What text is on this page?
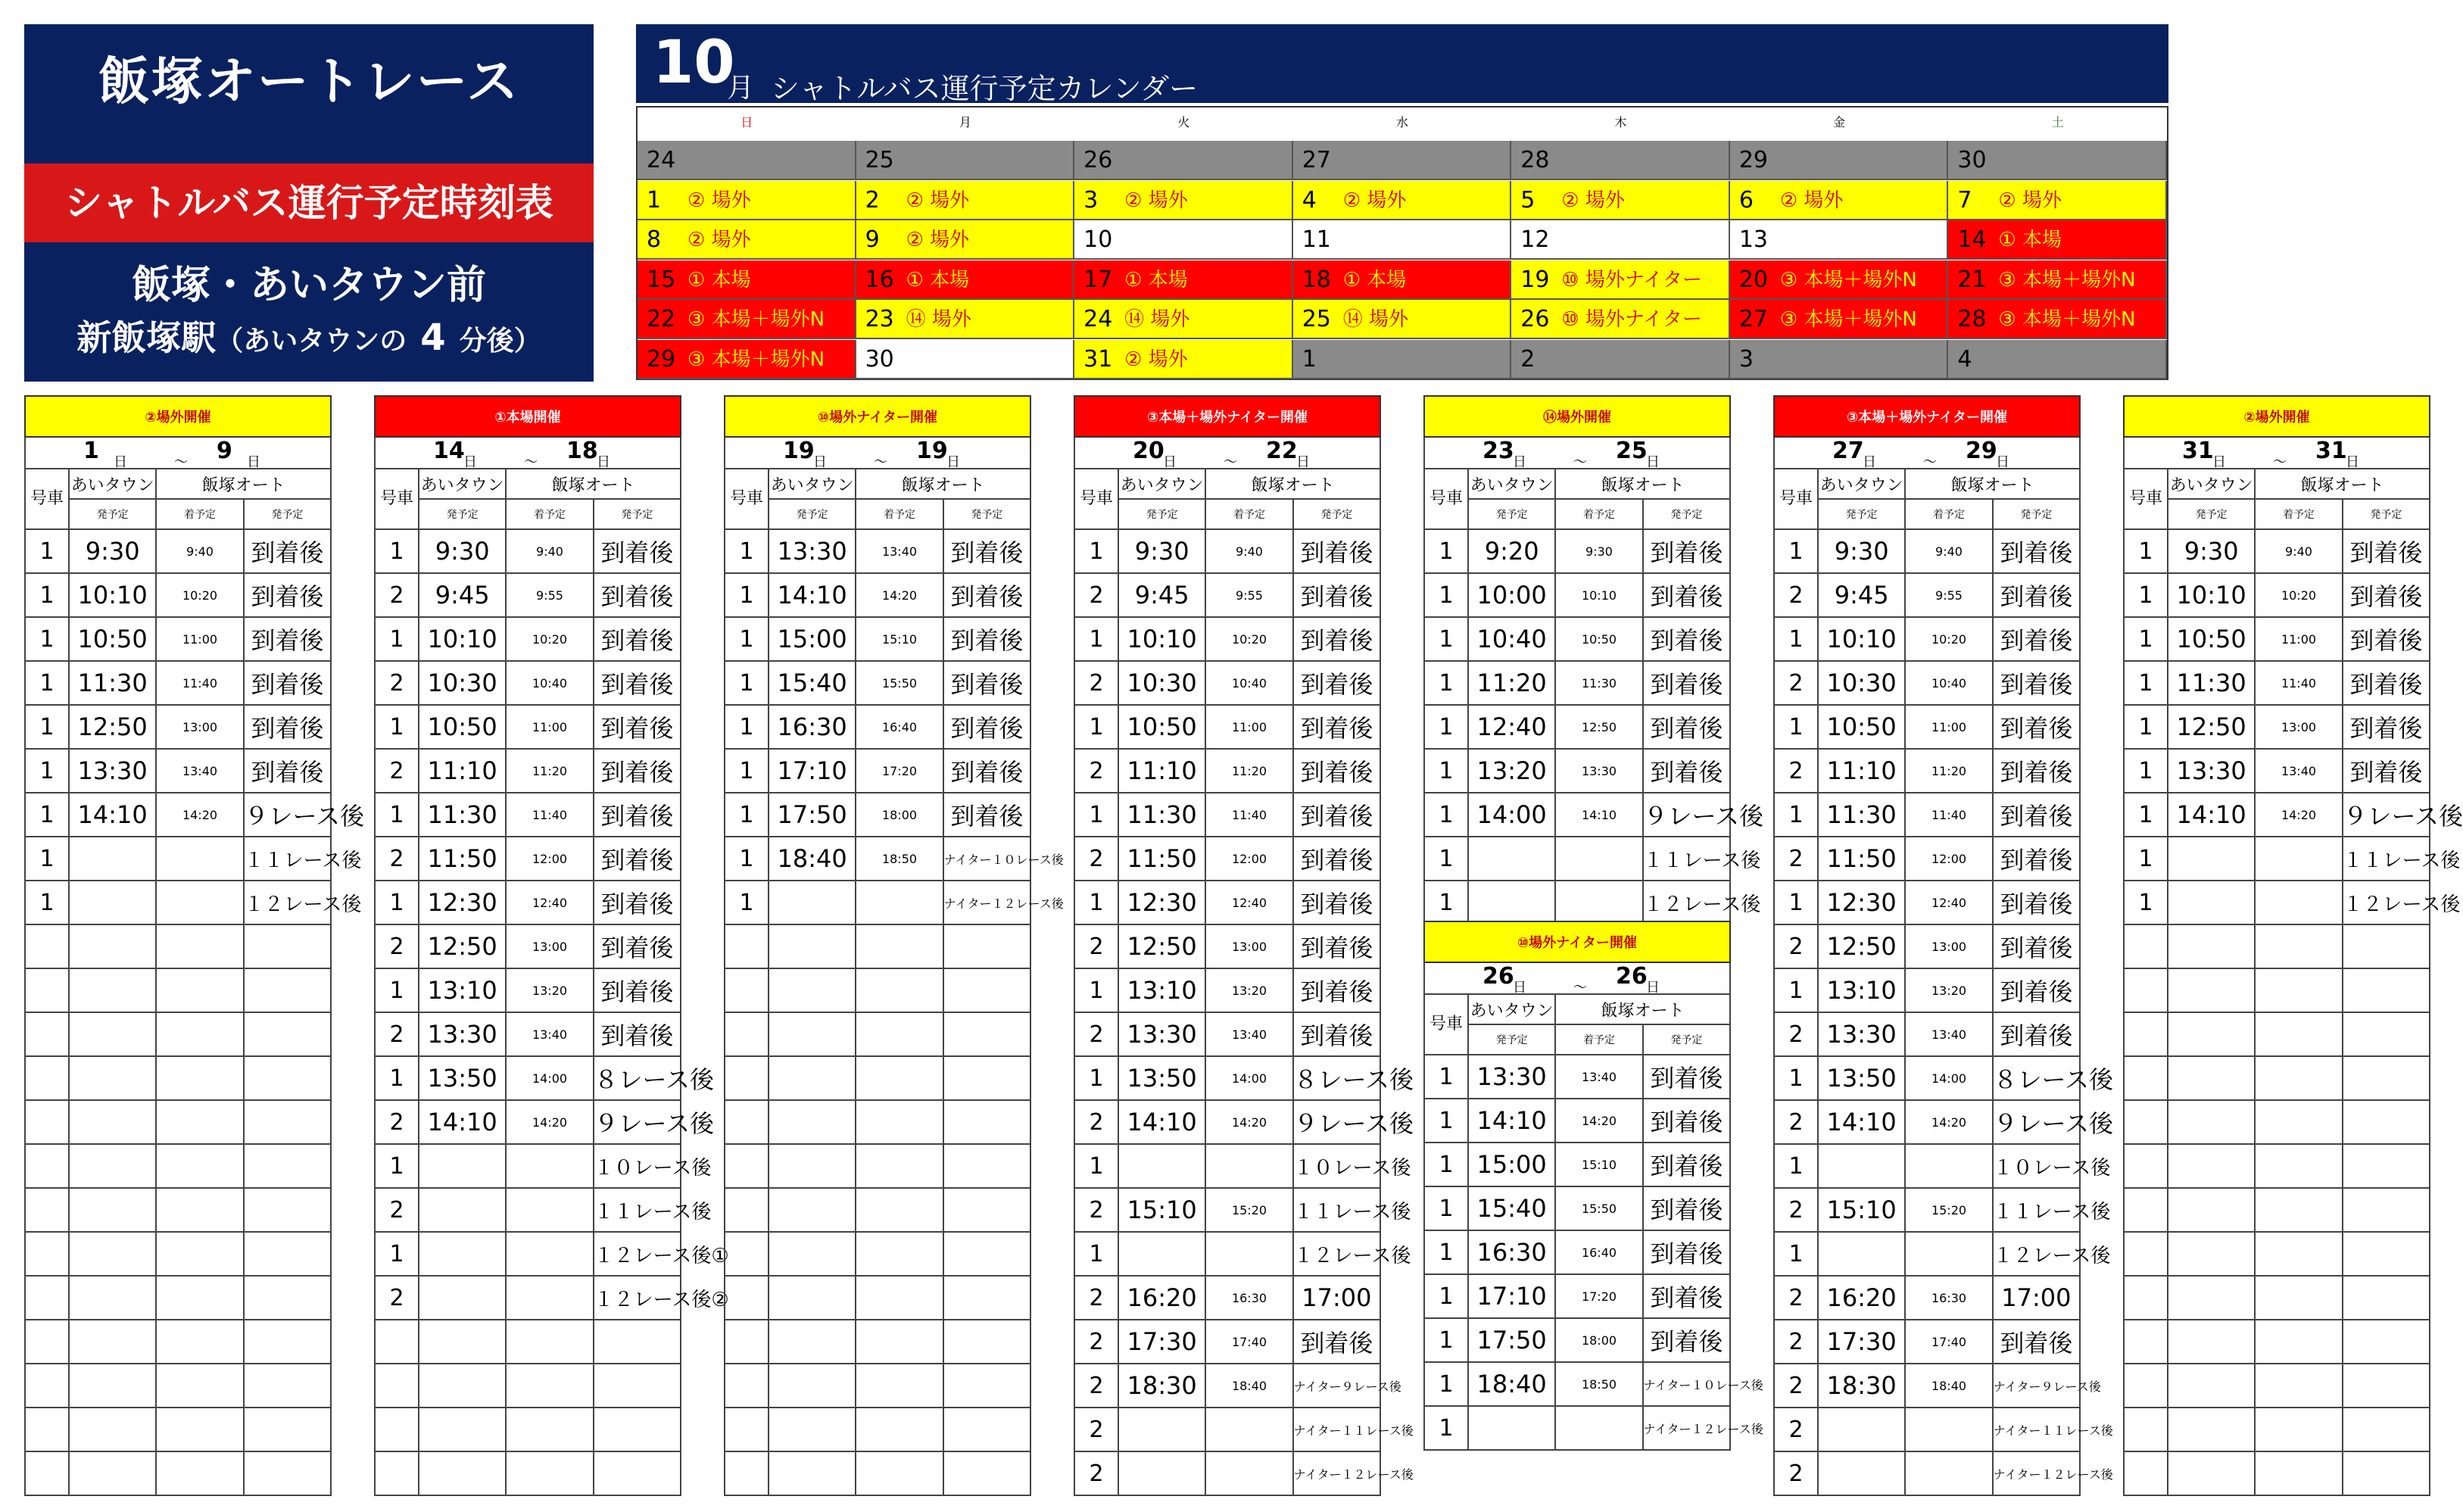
飯塚オートレース
シャトルバス運行予定時刻表
飯塚・あいタウン前
新飯塚駅（あいタウンの 4 分後）
10
月 シャトルバス運行予定カレンダー
日	月	火	水	木	金	土
24	25	26	27	28	29	30
1 ② 場外	2 ② 場外	3 ② 場外	4 ② 場外	5 ② 場外	6 ② 場外	7 ② 場外
8 ② 場外	9 ② 場外	10	11	12	13	14 ① 本場
15 ① 本場	16 ① 本場	17 ① 本場	18 ① 本場	19 ⑩ 場外ナイター 20 ③ 本場＋場外N 21 ③ 本場＋場外N
22 ③ 本場＋場外N 23 ⑭ 場外	24 ⑭ 場外	25 ⑭ 場外	26 ⑩ 場外ナイター 27 ③ 本場＋場外N 28 ③ 本場＋場外N
29 ③ 本場＋場外N 30	31 ② 場外	1	2	3	4
②場外開催
1 日	～ 9 日
号車	あいタウン	飯塚オート	
	発予定	着予定	発予定
1	9:30	9:40	到着後
1	10:10	10:20	到着後
1	10:50	11:00	到着後
1	11:30	11:40	到着後
1	12:50	13:00	到着後
1	13:30	13:40	到着後
1	14:10	14:20	９レース後
1			１１レース後
1			１２レース後

①本場開催
14
日	～ 18
日
号車	あいタウン	飯塚オート	
	発予定	着予定	発予定
1	9:30	9:40	到着後
2	9:45	9:55	到着後
1	10:10	10:20	到着後
2	10:30	10:40	到着後
1	10:50	11:00	到着後
2	11:10	11:20	到着後
1	11:30	11:40	到着後
2	11:50	12:00	到着後
1	12:30	12:40	到着後
2	12:50	13:00	到着後
1	13:10	13:20	到着後
2	13:30	13:40	到着後
1	13:50	14:00	８レース後
2	14:10	14:20	９レース後
1			１０レース後
2			１１レース後
1			１２レース後①
2			１２レース後②

⑩場外ナイター開催
19
日	～ 19
日
号車	あいタウン	飯塚オート	
	発予定	着予定	発予定
1	13:30	13:40	到着後
1	14:10	14:20	到着後
1	15:00	15:10	到着後
1	15:40	15:50	到着後
1	16:30	16:40	到着後
1	17:10	17:20	到着後
1	17:50	18:00	到着後
1	18:40	18:50	ナイター１０レース後
1			ナイター１２レース後

③本場＋場外ナイター開催
20
日	～ 22
日
号車	あいタウン	飯塚オート	
	発予定	着予定	発予定
1	9:30	9:40	到着後
2	9:45	9:55	到着後
1	10:10	10:20	到着後
2	10:30	10:40	到着後
1	10:50	11:00	到着後
2	11:10	11:20	到着後
1	11:30	11:40	到着後
2	11:50	12:00	到着後
1	12:30	12:40	到着後
2	12:50	13:00	到着後
1	13:10	13:20	到着後
2	13:30	13:40	到着後
1	13:50	14:00	８レース後
2	14:10	14:20	９レース後
1			１０レース後
2	15:10	15:20	１１レース後
1			１２レース後
2	16:20	16:30	17:00
2	17:30	17:40	到着後
2	18:30	18:40	ナイター９レース後
2			ナイター１１レース後
2			ナイター１２レース後
⑭場外開催
23
日	～ 25
日
号車	あいタウン	飯塚オート	
	発予定	着予定	発予定
1	9:20	9:30	到着後
1	10:00	10:10	到着後
1	10:40	10:50	到着後
1	11:20	11:30	到着後
1	12:40	12:50	到着後
1	13:20	13:30	到着後
1	14:00	14:10	９レース後
1			１１レース後
1			１２レース後
⑩場外ナイター開催
26
日	～ 26
日
号車	あいタウン	飯塚オート	
	発予定	着予定	発予定
1	13:30	13:40	到着後
1	14:10	14:20	到着後
1	15:00	15:10	到着後
1	15:40	15:50	到着後
1	16:30	16:40	到着後
1	17:10	17:20	到着後
1	17:50	18:00	到着後
1	18:40	18:50	ナイター１０レース後
1			ナイター１２レース後
③本場＋場外ナイター開催
27
日	～ 29
日
号車	あいタウン	飯塚オート	
	発予定	着予定	発予定
1	9:30	9:40	到着後
2	9:45	9:55	到着後
1	10:10	10:20	到着後
2	10:30	10:40	到着後
1	10:50	11:00	到着後
2	11:10	11:20	到着後
1	11:30	11:40	到着後
2	11:50	12:00	到着後
1	12:30	12:40	到着後
2	12:50	13:00	到着後
1	13:10	13:20	到着後
2	13:30	13:40	到着後
1	13:50	14:00	８レース後
2	14:10	14:20	９レース後
1			１０レース後
2	15:10	15:20	１１レース後
1			１２レース後
2	16:20	16:30	17:00
2	17:30	17:40	到着後
2	18:30	18:40	ナイター９レース後
2			ナイター１１レース後
2			ナイター１２レース後
②場外開催
31
日	～ 31
日
号車	あいタウン	飯塚オート	
	発予定	着予定	発予定
1	9:30	9:40	到着後
1	10:10	10:20	到着後
1	10:50	11:00	到着後
1	11:30	11:40	到着後
1	12:50	13:00	到着後
1	13:30	13:40	到着後
1	14:10	14:20	９レース後
1			１１レース後
1			１２レース後
